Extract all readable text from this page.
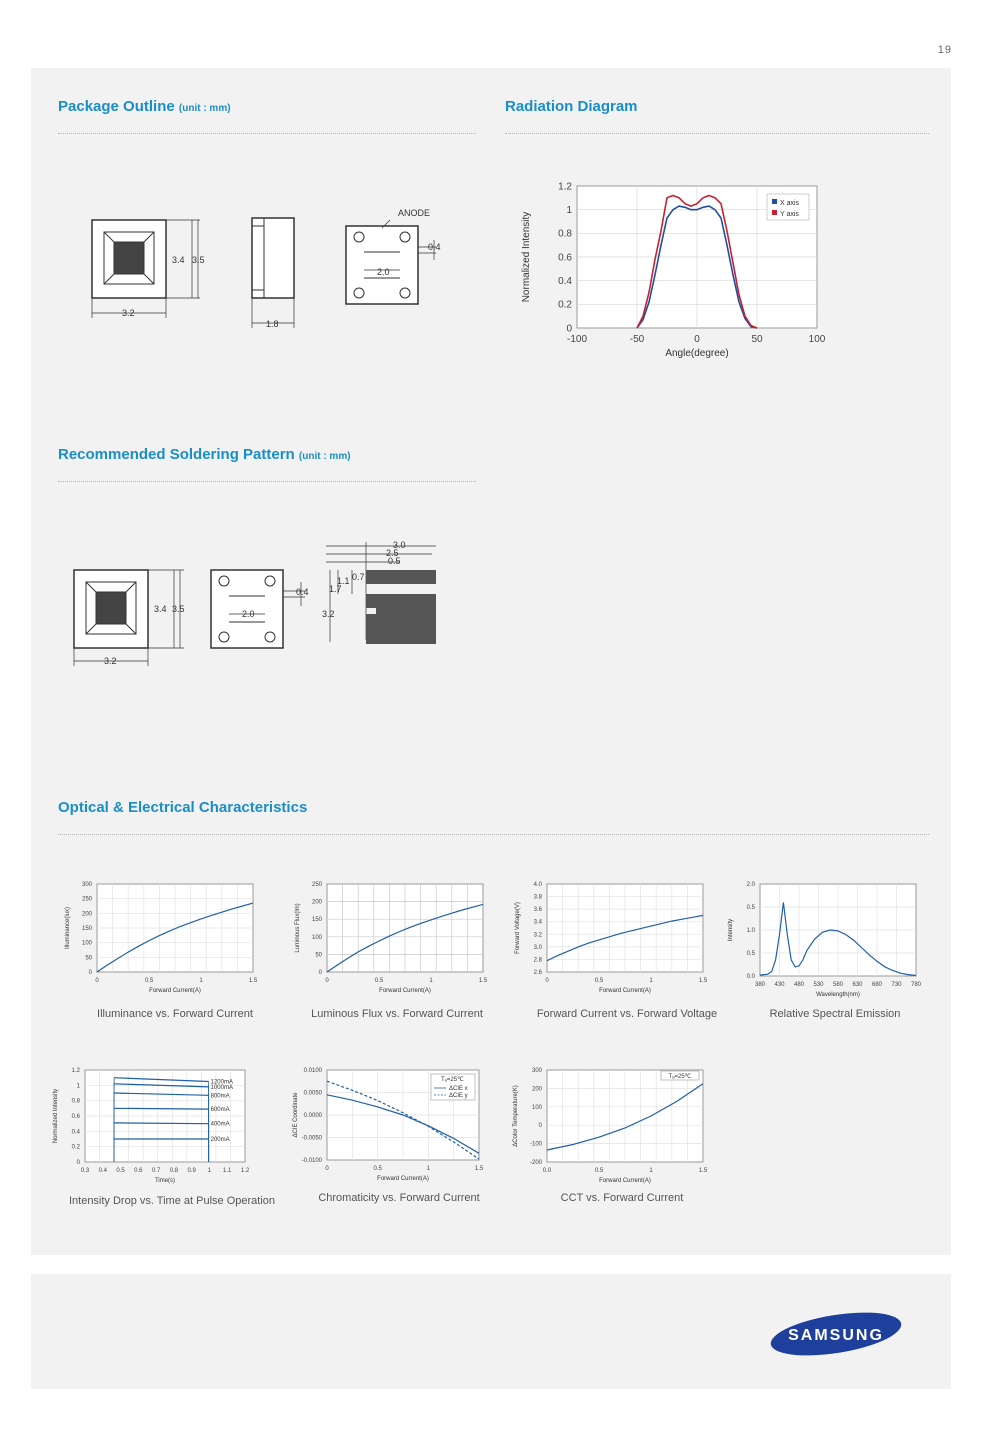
19
Package Outline (unit : mm)	Radiation Diagram
Recommended Soldering Pattern (unit : mm)
Optical & Electrical Characteristics
3.4 3.5
3.2
1.8
ANODE
0.4
2.0
3.4 3.5
3.2
0.4
2.0
3.0
2.5
0.5
1.1 0.7
1.7
3.2
-100	-50	0	50	100
0
0.2
0.4
0.6
0.8
1
1.2
Angle(degree)
Normalized Intensity
X axis
Y axis
0	0.5	1	1.5
0
50
100
150
200
250
300
Forward Current(A)
Illuminance(lux)
0	0.5	1	1.5
0
50
100
150
200
250
Forward Current(A)
Luminous Flux(lm)
0	0.5	1	1.5
2.6
2.8
3.0
3.2
3.4
3.6
3.8
4.0
Forward Current(A)
Forward Voltage(V)
380 430 480 530 580 630 680 730 780
0.0
0.5
1.0
0.5
2.0
Wavelength(nm)
Intensity
0.3 0.4 0.5 0.6 0.7 0.8 0.9 1 1.1 1.2
0
0.2
0.4
0.6
0.8
1
1.2
Time(s)
Normalized Intensity
1200mA
1000mA
800mA
600mA
400mA
200mA
0	0.5	1	1.5
-0.0100
-0.0050
0.0000
0.0050
0.0100
Forward Current(A)
ΔCIE Coordinate
Tₐ=25℃
ΔCIE x
ΔCIE y
0.0	0.5	1	1.5
-200
-100
0
100
200
300
Forward Current(A)
ΔColor Temperature(K)
Tₐ=25℃
Illuminance vs. Forward Current	Luminous Flux vs. Forward Current	Forward Current vs. Forward Voltage	Relative Spectral Emission
Intensity Drop vs. Time at Pulse Operation	Chromaticity vs. Forward Current	CCT vs. Forward Current
SAMSUNG
